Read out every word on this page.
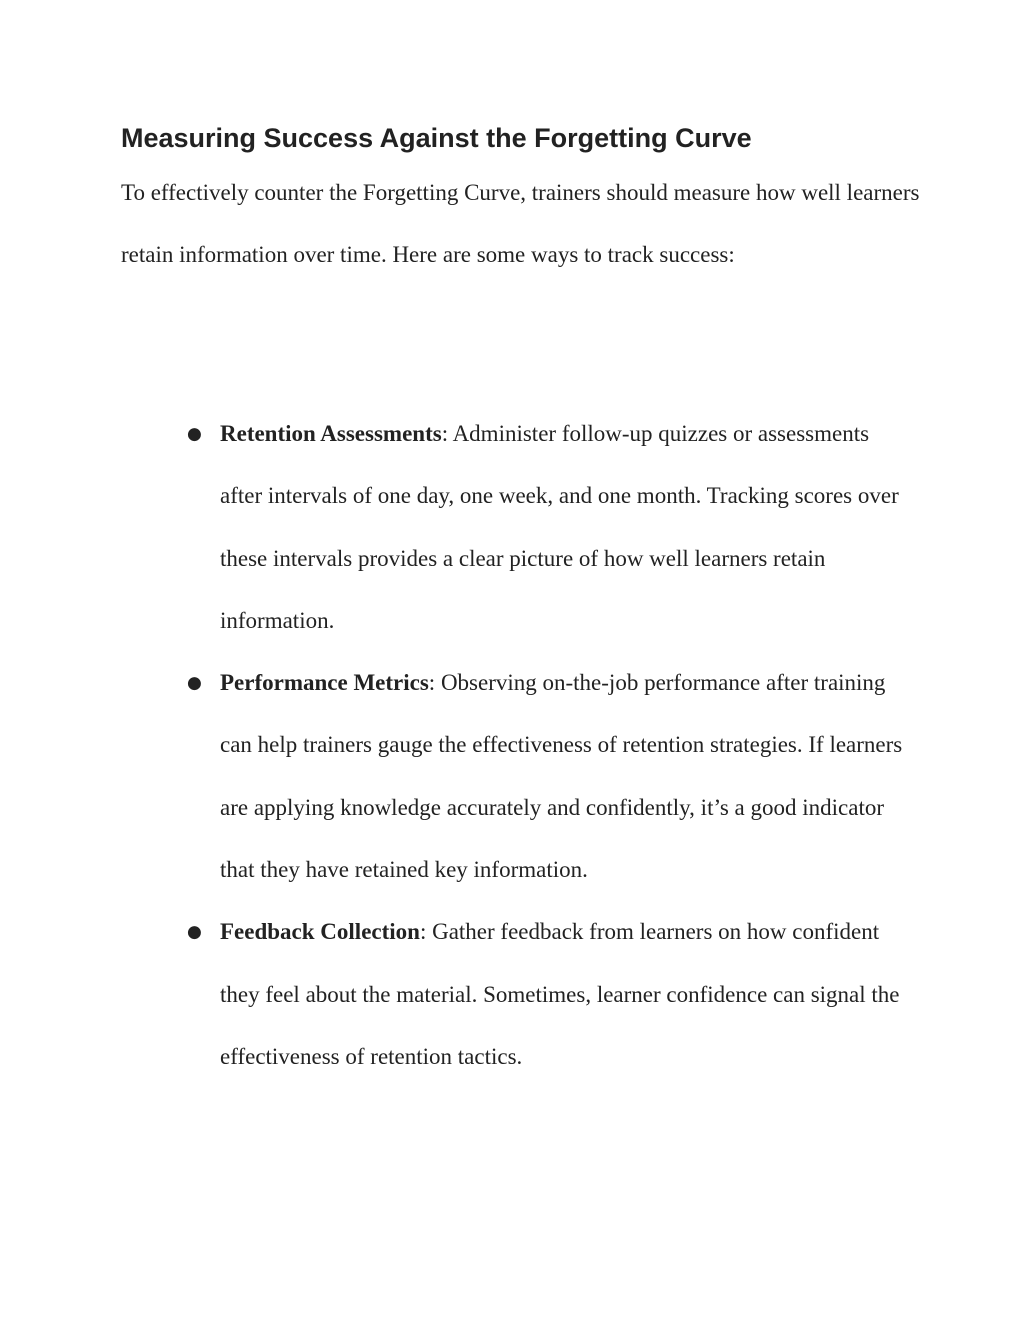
Measuring Success Against the Forgetting Curve

To effectively counter the Forgetting Curve, trainers should measure how well learners retain information over time. Here are some ways to track success:

● Retention Assessments: Administer follow-up quizzes or assessments after intervals of one day, one week, and one month. Tracking scores over these intervals provides a clear picture of how well learners retain information.
● Performance Metrics: Observing on-the-job performance after training can help trainers gauge the effectiveness of retention strategies. If learners are applying knowledge accurately and confidently, it’s a good indicator that they have retained key information.
● Feedback Collection: Gather feedback from learners on how confident they feel about the material. Sometimes, learner confidence can signal the effectiveness of retention tactics.
